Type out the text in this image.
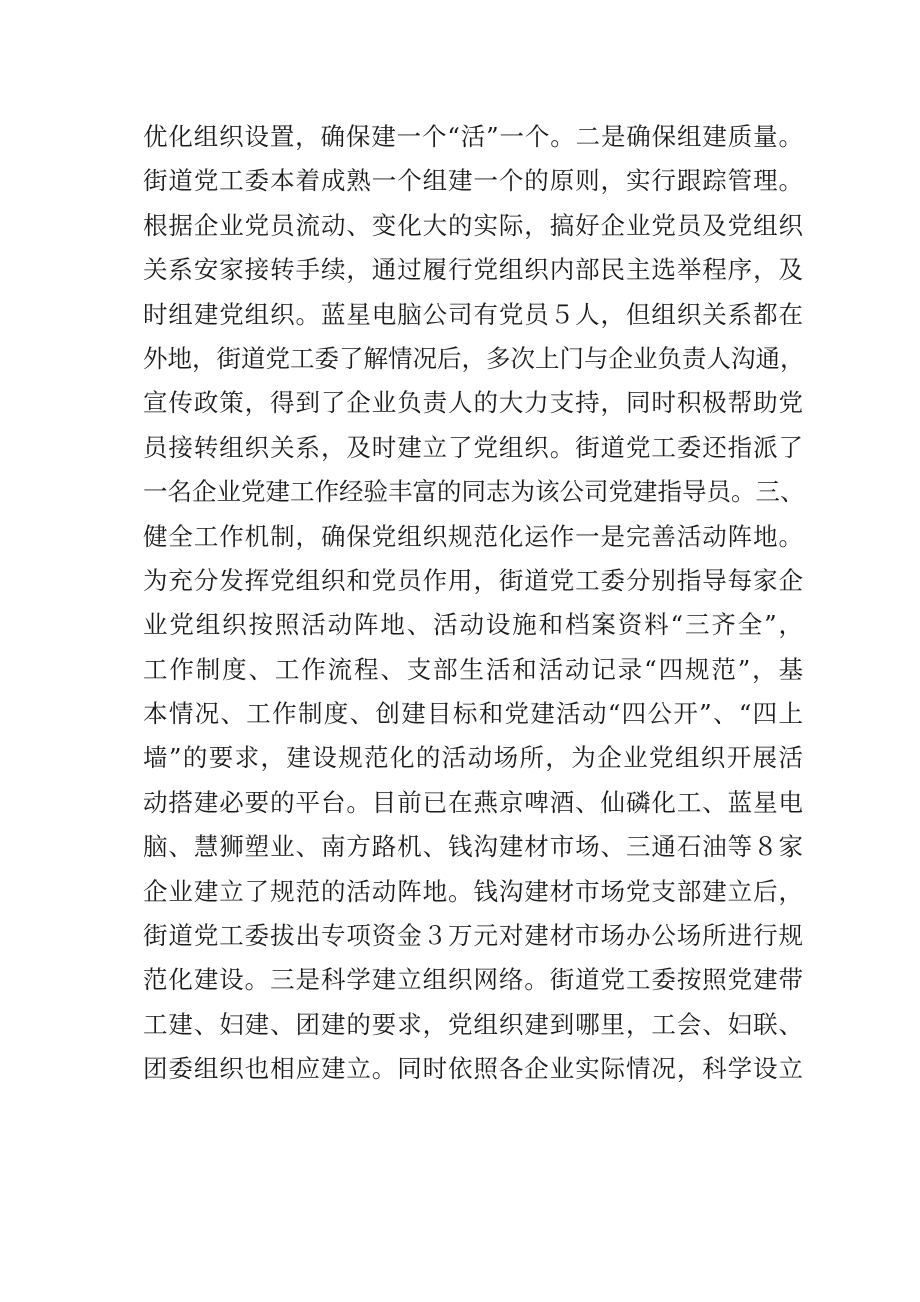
优化组织设置，确保建一个“活”一个。二是确保组建质量。
街道党工委本着成熟一个组建一个的原则，实行跟踪管理。
根据企业党员流动、变化大的实际，搞好企业党员及党组织
关系安家接转手续，通过履行党组织内部民主选举程序，及
时组建党组织。蓝星电脑公司有党员５人，但组织关系都在
外地，街道党工委了解情况后，多次上门与企业负责人沟通，
宣传政策，得到了企业负责人的大力支持，同时积极帮助党
员接转组织关系，及时建立了党组织。街道党工委还指派了
一名企业党建工作经验丰富的同志为该公司党建指导员。三、
健全工作机制，确保党组织规范化运作一是完善活动阵地。
为充分发挥党组织和党员作用，街道党工委分别指导每家企
业党组织按照活动阵地、活动设施和档案资料“三齐全”，
工作制度、工作流程、支部生活和活动记录“四规范”，基
本情况、工作制度、创建目标和党建活动“四公开”、“四上
墙”的要求，建设规范化的活动场所，为企业党组织开展活
动搭建必要的平台。目前已在燕京啤酒、仙磷化工、蓝星电
脑、慧狮塑业、南方路机、钱沟建材市场、三通石油等８家
企业建立了规范的活动阵地。钱沟建材市场党支部建立后，
街道党工委拔出专项资金３万元对建材市场办公场所进行规
范化建设。三是科学建立组织网络。街道党工委按照党建带
工建、妇建、团建的要求，党组织建到哪里，工会、妇联、
团委组织也相应建立。同时依照各企业实际情况，科学设立
